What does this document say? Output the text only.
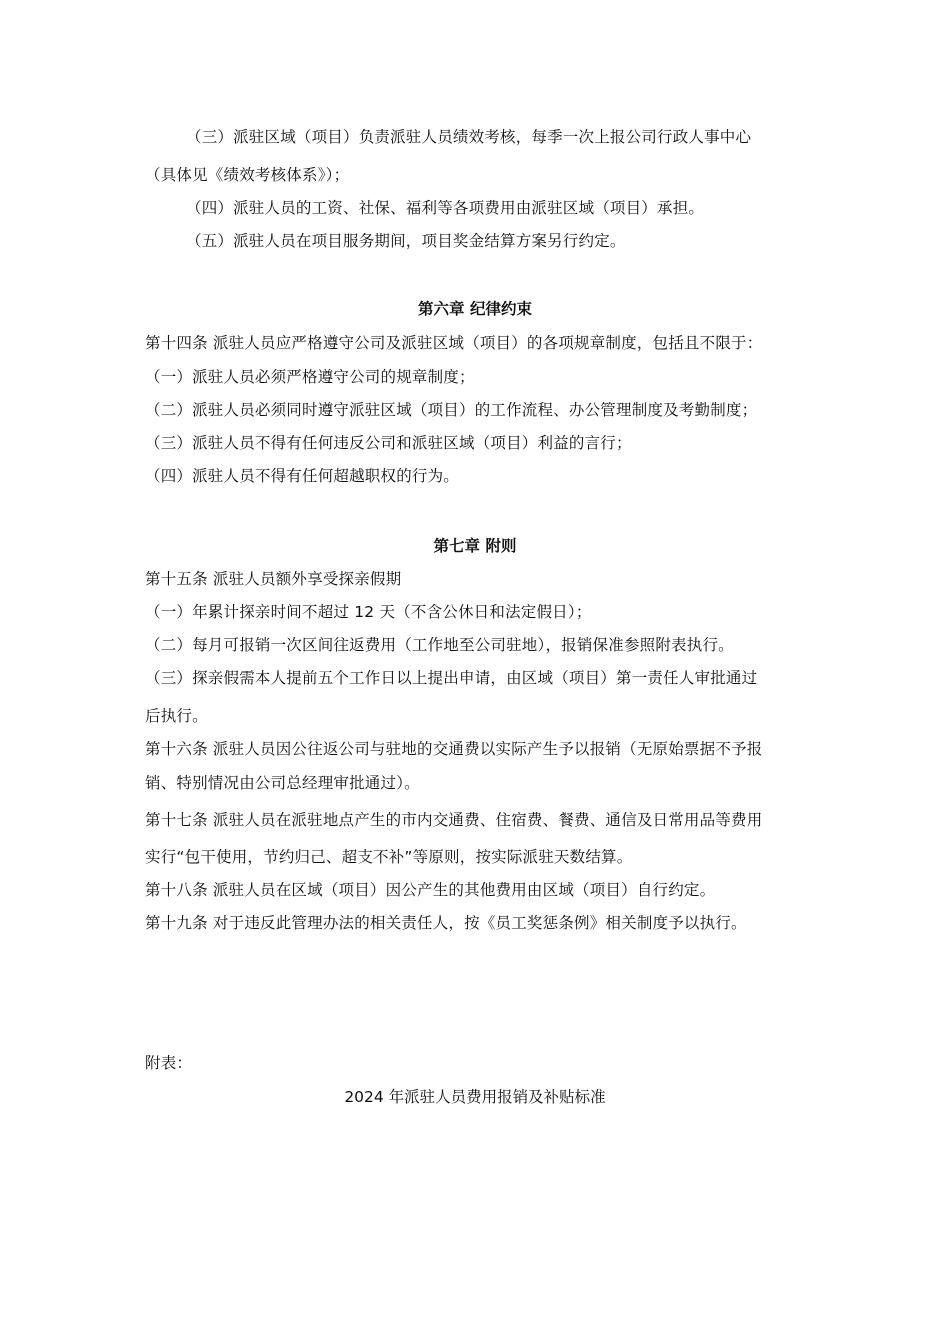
（三）派驻区域（项目）负责派驻人员绩效考核，每季一次上报公司行政人事中心
（具体见《绩效考核体系》）；
（四）派驻人员的工资、社保、福利等各项费用由派驻区域（项目）承担。
（五）派驻人员在项目服务期间，项目奖金结算方案另行约定。
第六章 纪律约束
第十四条 派驻人员应严格遵守公司及派驻区域（项目）的各项规章制度，包括且不限于：
（一）派驻人员必须严格遵守公司的规章制度；
（二）派驻人员必须同时遵守派驻区域（项目）的工作流程、办公管理制度及考勤制度；
（三）派驻人员不得有任何违反公司和派驻区域（项目）利益的言行；
（四）派驻人员不得有任何超越职权的行为。
第七章 附则
第十五条 派驻人员额外享受探亲假期
（一）年累计探亲时间不超过 12 天（不含公休日和法定假日）；
（二）每月可报销一次区间往返费用（工作地至公司驻地），报销保准参照附表执行。
（三）探亲假需本人提前五个工作日以上提出申请，由区域（项目）第一责任人审批通过
后执行。
第十六条 派驻人员因公往返公司与驻地的交通费以实际产生予以报销（无原始票据不予报
销、特别情况由公司总经理审批通过）。
第十七条 派驻人员在派驻地点产生的市内交通费、住宿费、餐费、通信及日常用品等费用
实行“包干使用，节约归己、超支不补”等原则，按实际派驻天数结算。
第十八条 派驻人员在区域（项目）因公产生的其他费用由区域（项目）自行约定。
第十九条 对于违反此管理办法的相关责任人，按《员工奖惩条例》相关制度予以执行。
附表：
2024 年派驻人员费用报销及补贴标准
